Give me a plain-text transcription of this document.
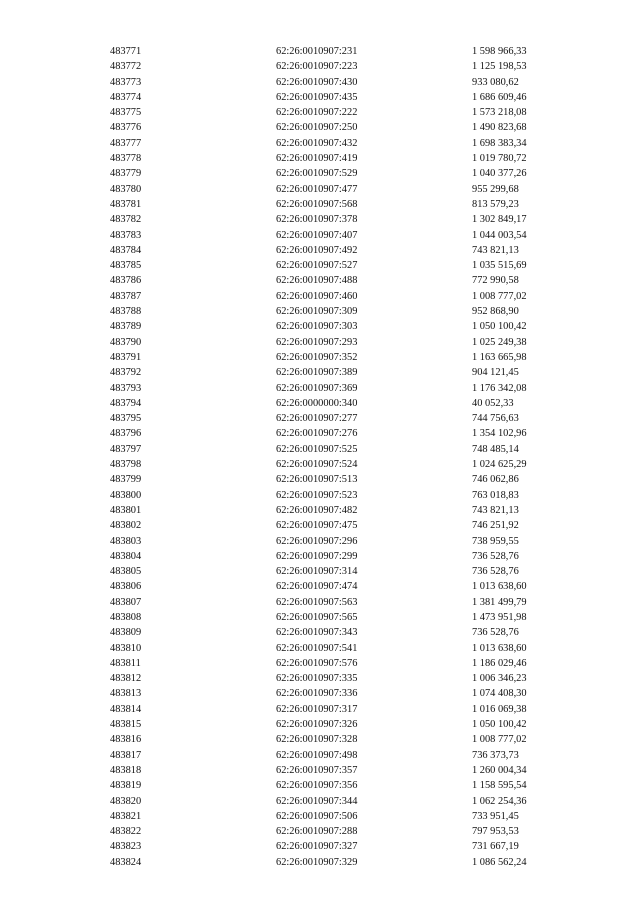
483771	62:26:0010907:231	1 598 966,33
483772	62:26:0010907:223	1 125 198,53
483773	62:26:0010907:430	933 080,62
483774	62:26:0010907:435	1 686 609,46
483775	62:26:0010907:222	1 573 218,08
483776	62:26:0010907:250	1 490 823,68
483777	62:26:0010907:432	1 698 383,34
483778	62:26:0010907:419	1 019 780,72
483779	62:26:0010907:529	1 040 377,26
483780	62:26:0010907:477	955 299,68
483781	62:26:0010907:568	813 579,23
483782	62:26:0010907:378	1 302 849,17
483783	62:26:0010907:407	1 044 003,54
483784	62:26:0010907:492	743 821,13
483785	62:26:0010907:527	1 035 515,69
483786	62:26:0010907:488	772 990,58
483787	62:26:0010907:460	1 008 777,02
483788	62:26:0010907:309	952 868,90
483789	62:26:0010907:303	1 050 100,42
483790	62:26:0010907:293	1 025 249,38
483791	62:26:0010907:352	1 163 665,98
483792	62:26:0010907:389	904 121,45
483793	62:26:0010907:369	1 176 342,08
483794	62:26:0000000:340	40 052,33
483795	62:26:0010907:277	744 756,63
483796	62:26:0010907:276	1 354 102,96
483797	62:26:0010907:525	748 485,14
483798	62:26:0010907:524	1 024 625,29
483799	62:26:0010907:513	746 062,86
483800	62:26:0010907:523	763 018,83
483801	62:26:0010907:482	743 821,13
483802	62:26:0010907:475	746 251,92
483803	62:26:0010907:296	738 959,55
483804	62:26:0010907:299	736 528,76
483805	62:26:0010907:314	736 528,76
483806	62:26:0010907:474	1 013 638,60
483807	62:26:0010907:563	1 381 499,79
483808	62:26:0010907:565	1 473 951,98
483809	62:26:0010907:343	736 528,76
483810	62:26:0010907:541	1 013 638,60
483811	62:26:0010907:576	1 186 029,46
483812	62:26:0010907:335	1 006 346,23
483813	62:26:0010907:336	1 074 408,30
483814	62:26:0010907:317	1 016 069,38
483815	62:26:0010907:326	1 050 100,42
483816	62:26:0010907:328	1 008 777,02
483817	62:26:0010907:498	736 373,73
483818	62:26:0010907:357	1 260 004,34
483819	62:26:0010907:356	1 158 595,54
483820	62:26:0010907:344	1 062 254,36
483821	62:26:0010907:506	733 951,45
483822	62:26:0010907:288	797 953,53
483823	62:26:0010907:327	731 667,19
483824	62:26:0010907:329	1 086 562,24
